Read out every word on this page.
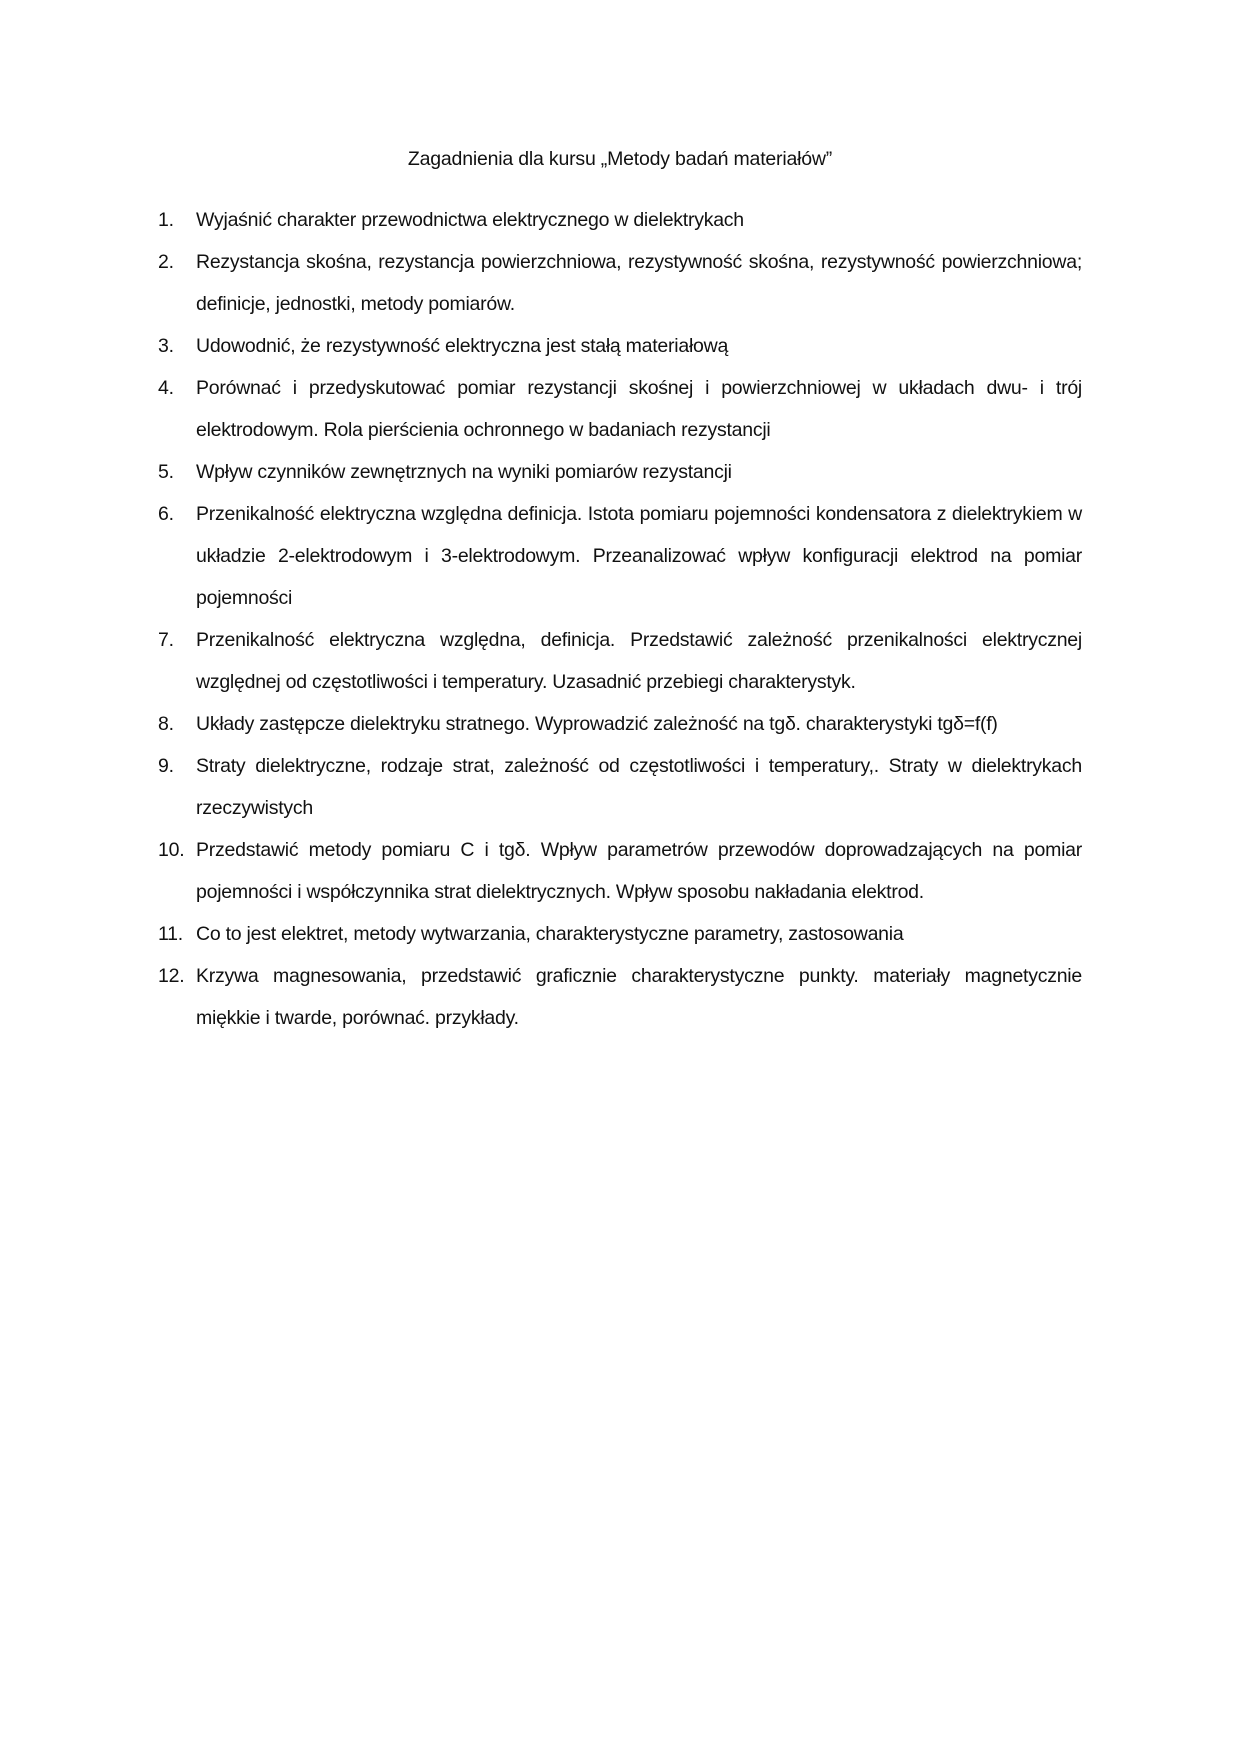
Zagadnienia dla kursu „Metody badań materiałów”
1.	Wyjaśnić charakter przewodnictwa elektrycznego w dielektrykach
2.	Rezystancja skośna, rezystancja powierzchniowa, rezystywność skośna, rezystywność powierzchniowa; definicje, jednostki, metody pomiarów.
3.	Udowodnić, że rezystywność elektryczna jest stałą materiałową
4.	Porównać i przedyskutować pomiar rezystancji skośnej i powierzchniowej w układach dwu- i trój elektrodowym. Rola pierścienia ochronnego w badaniach rezystancji
5.	Wpływ czynników zewnętrznych na wyniki pomiarów rezystancji
6.	Przenikalność elektryczna względna definicja. Istota pomiaru pojemności kondensatora z dielektrykiem w układzie 2-elektrodowym i 3-elektrodowym. Przeanalizować wpływ konfiguracji elektrod na pomiar pojemności
7.	Przenikalność elektryczna względna, definicja. Przedstawić zależność przenikalności elektrycznej względnej od częstotliwości i temperatury. Uzasadnić przebiegi charakterystyk.
8.	Układy zastępcze dielektryku stratnego. Wyprowadzić zależność na tgδ. charakterystyki tgδ=f(f)
9.	Straty dielektryczne, rodzaje strat, zależność od częstotliwości i temperatury,. Straty w dielektrykach rzeczywistych
10. Przedstawić metody pomiaru C i tgδ. Wpływ parametrów przewodów doprowadzających na pomiar pojemności i współczynnika strat dielektrycznych. Wpływ sposobu nakładania elektrod.
11. Co to jest elektret, metody wytwarzania, charakterystyczne parametry, zastosowania
12. Krzywa magnesowania, przedstawić graficznie charakterystyczne punkty. materiały magnetycznie miękkie i twarde, porównać. przykłady.
